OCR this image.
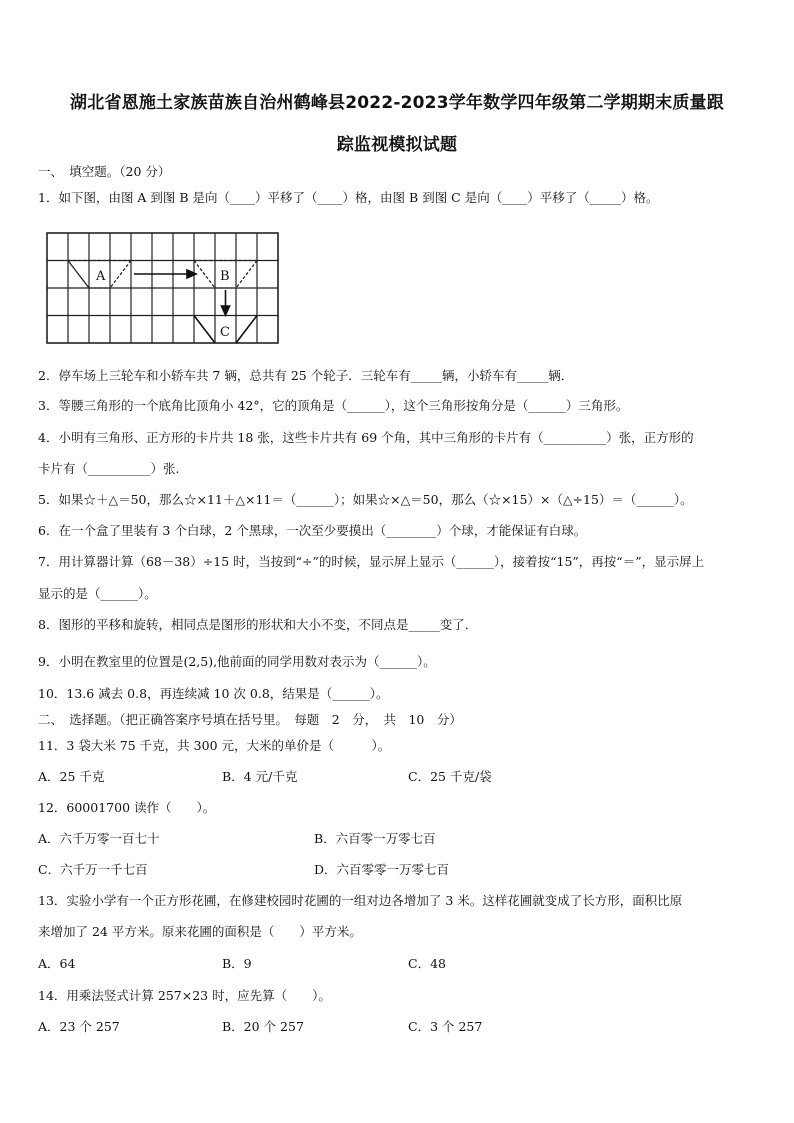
湖北省恩施土家族苗族自治州鹤峰县2022-2023学年数学四年级第二学期期末质量跟
踪监视模拟试题
一、　填空题。（20 分）
1．如下图，由图 A 到图 B 是向（____）平移了（____）格，由图 B 到图 C 是向（____）平移了（_____）格。
A	B
C
2．停车场上三轮车和小轿车共 7 辆，总共有 25 个轮子．三轮车有_____辆，小轿车有_____辆．
3．等腰三角形的一个底角比顶角小 42°，它的顶角是（______），这个三角形按角分是（______）三角形。
4．小明有三角形、正方形的卡片共 18 张，这些卡片共有 69 个角，其中三角形的卡片有（__________）张，正方形的
卡片有（__________）张.
5．如果☆＋△＝50，那么☆×11＋△×11＝（______）；如果☆×△＝50，那么（☆×15）×（△÷15）＝（______）。
6．在一个盒了里装有 3 个白球，2 个黑球，一次至少要摸出（________）个球，才能保证有白球。
7．用计算器计算（68－38）÷15 时，当按到“÷”的时候，显示屏上显示（______），接着按“15”，再按“＝”，显示屏上
显示的是（______）。
8．图形的平移和旋转，相同点是图形的形状和大小不变，不同点是_____变了．
9．小明在教室里的位置是(2,5),他前面的同学用数对表示为（______）。
10．13.6 减去 0.8，再连续减 10 次 0.8，结果是（______）。
二、　选择题。（把正确答案序号填在括号里。　每题　2　分，　共　10　分）
11．3 袋大米 75 千克，共 300 元，大米的单价是（　　　）。
A．25 千克	B．4 元/千克	C．25 千克/袋
12．60001700 读作（　　）。
A．六千万零一百七十	B．六百零一万零七百
C．六千万一千七百	D．六百零零一万零七百
13．实验小学有一个正方形花圃，在修建校园时花圃的一组对边各增加了 3 米。这样花圃就变成了长方形，面积比原
来增加了 24 平方米。原来花圃的面积是（　　）平方米。
A．64	B．9	C．48
14．用乘法竖式计算 257×23 时，应先算（　　）。
A．23 个 257	B．20 个 257	C．3 个 257
